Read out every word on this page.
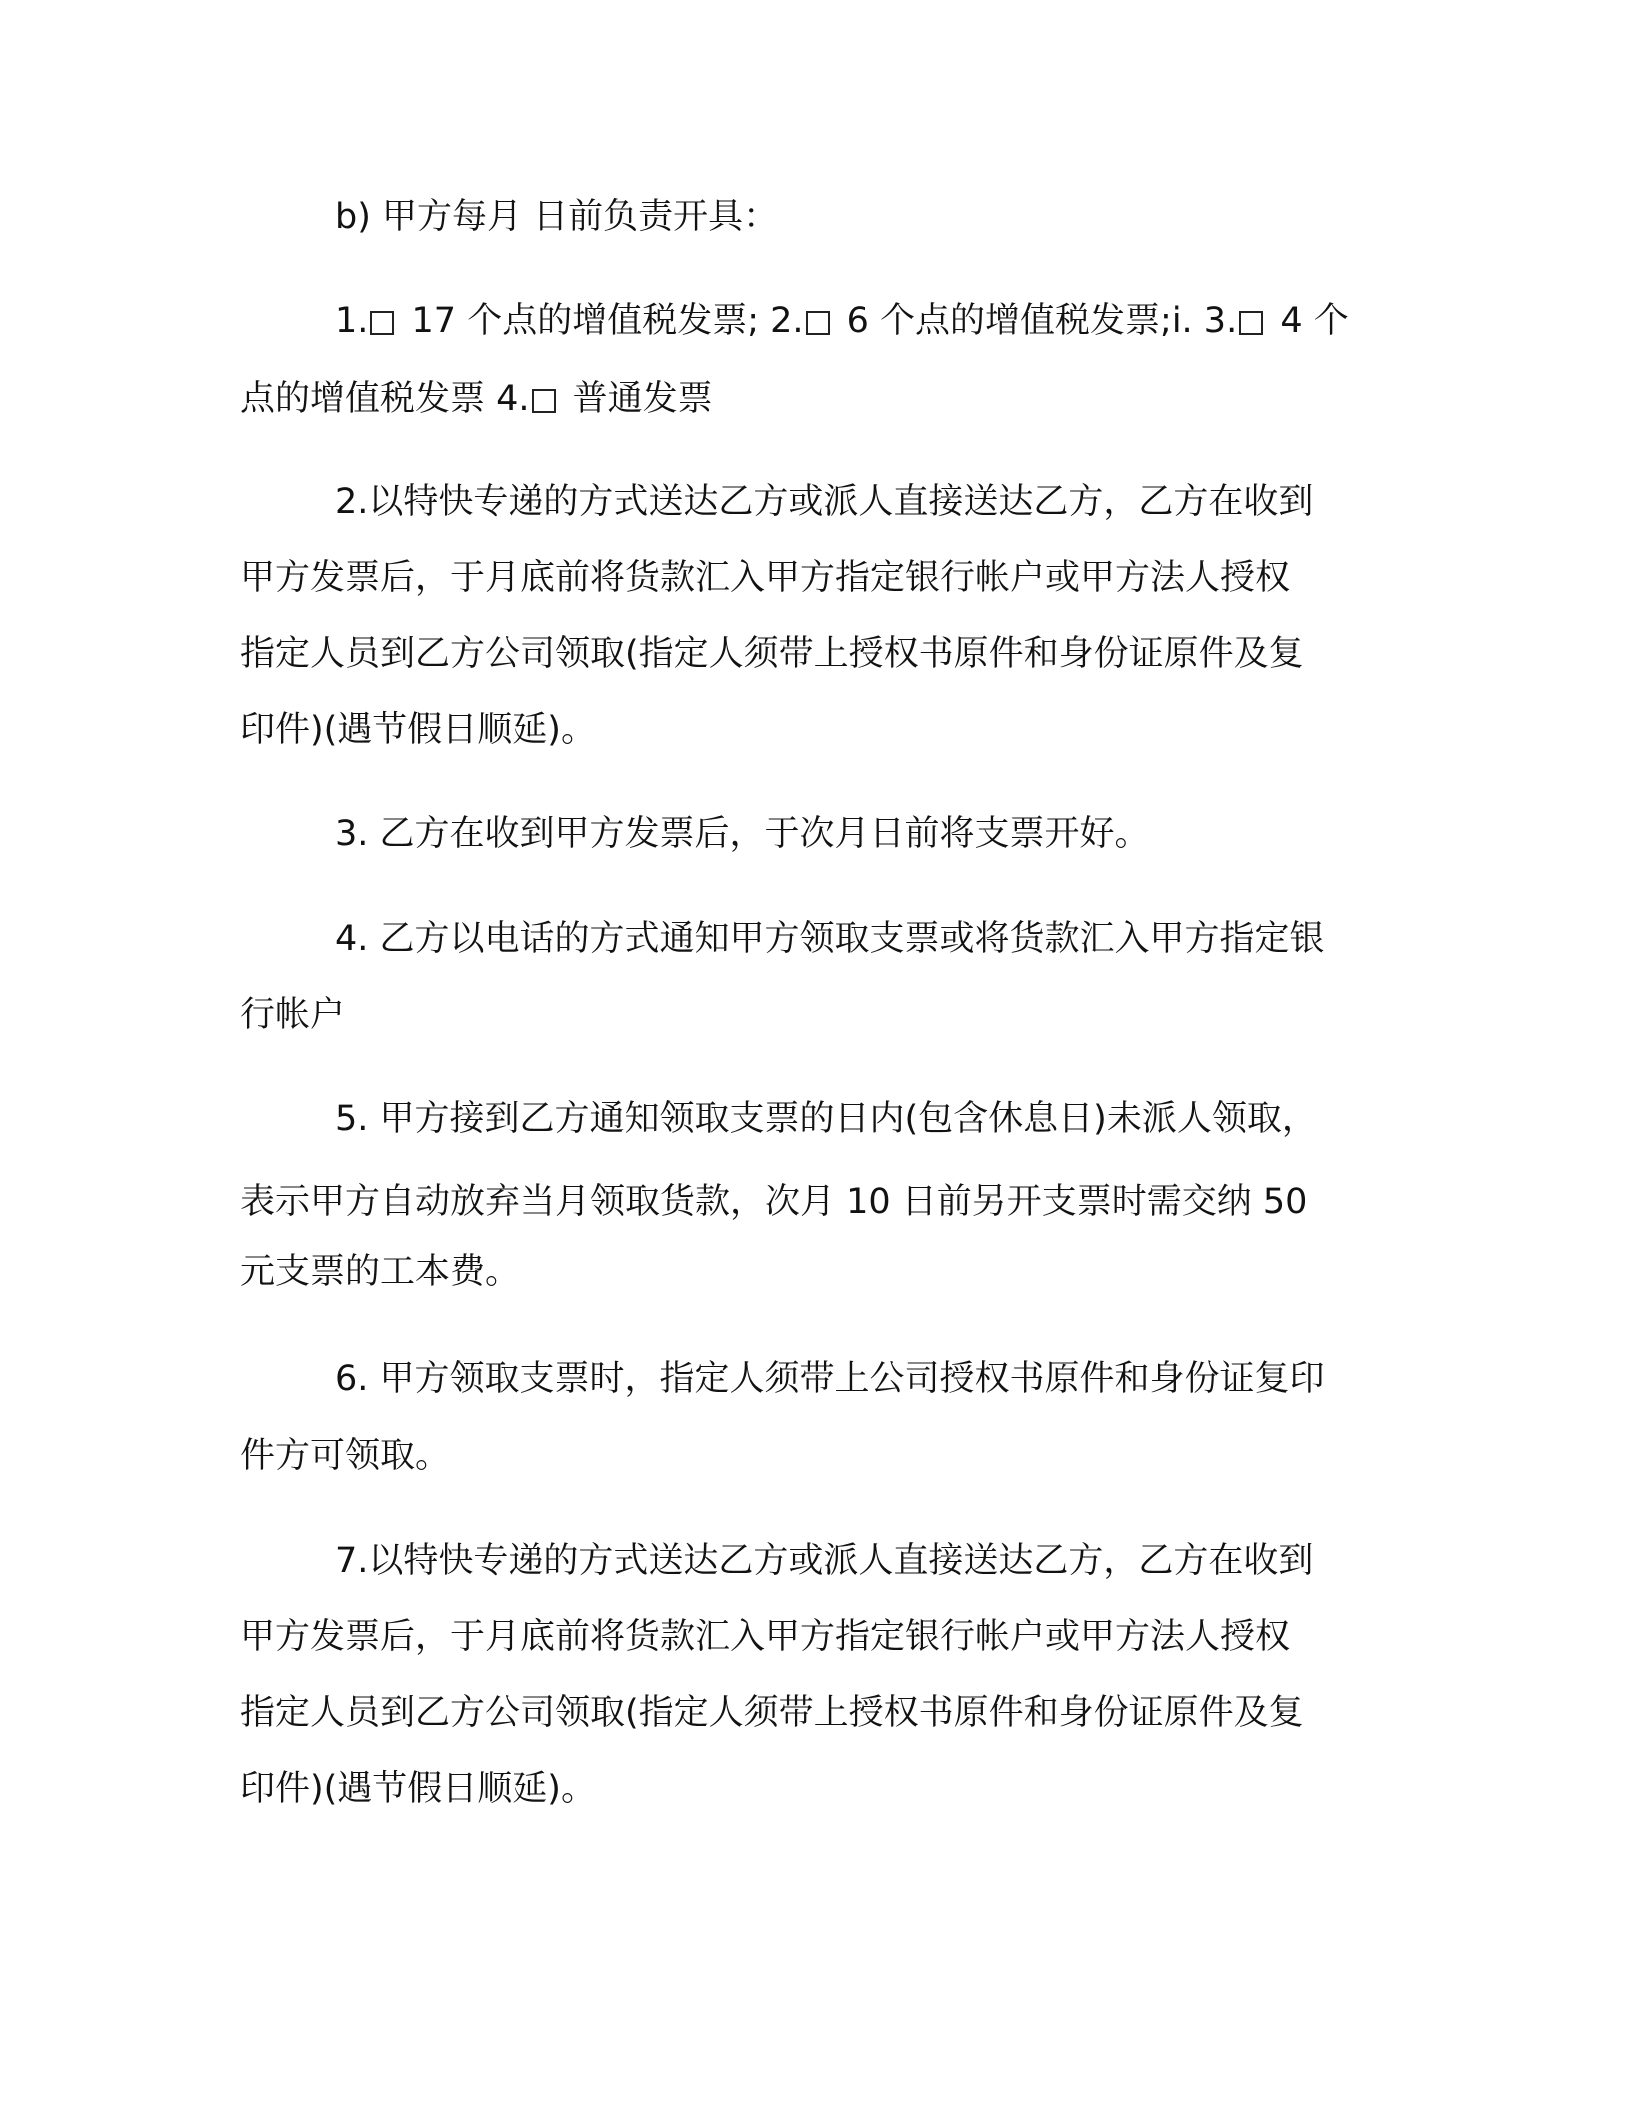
b) 甲方每月 日前负责开具：
1. 17 个点的增值税发票; 2. 6 个点的增值税发票;i. 3. 4 个
点的增值税发票 4. 普通发票
2.以特快专递的方式送达乙方或派人直接送达乙方，乙方在收到
甲方发票后，于月底前将货款汇入甲方指定银行帐户或甲方法人授权
指定人员到乙方公司领取(指定人须带上授权书原件和身份证原件及复
印件)(遇节假日顺延)。
3. 乙方在收到甲方发票后，于次月日前将支票开好。
4. 乙方以电话的方式通知甲方领取支票或将货款汇入甲方指定银
行帐户
5. 甲方接到乙方通知领取支票的日内(包含休息日)未派人领取，
表示甲方自动放弃当月领取货款，次月 10 日前另开支票时需交纳 50
元支票的工本费。
6. 甲方领取支票时，指定人须带上公司授权书原件和身份证复印
件方可领取。
7.以特快专递的方式送达乙方或派人直接送达乙方，乙方在收到
甲方发票后，于月底前将货款汇入甲方指定银行帐户或甲方法人授权
指定人员到乙方公司领取(指定人须带上授权书原件和身份证原件及复
印件)(遇节假日顺延)。
